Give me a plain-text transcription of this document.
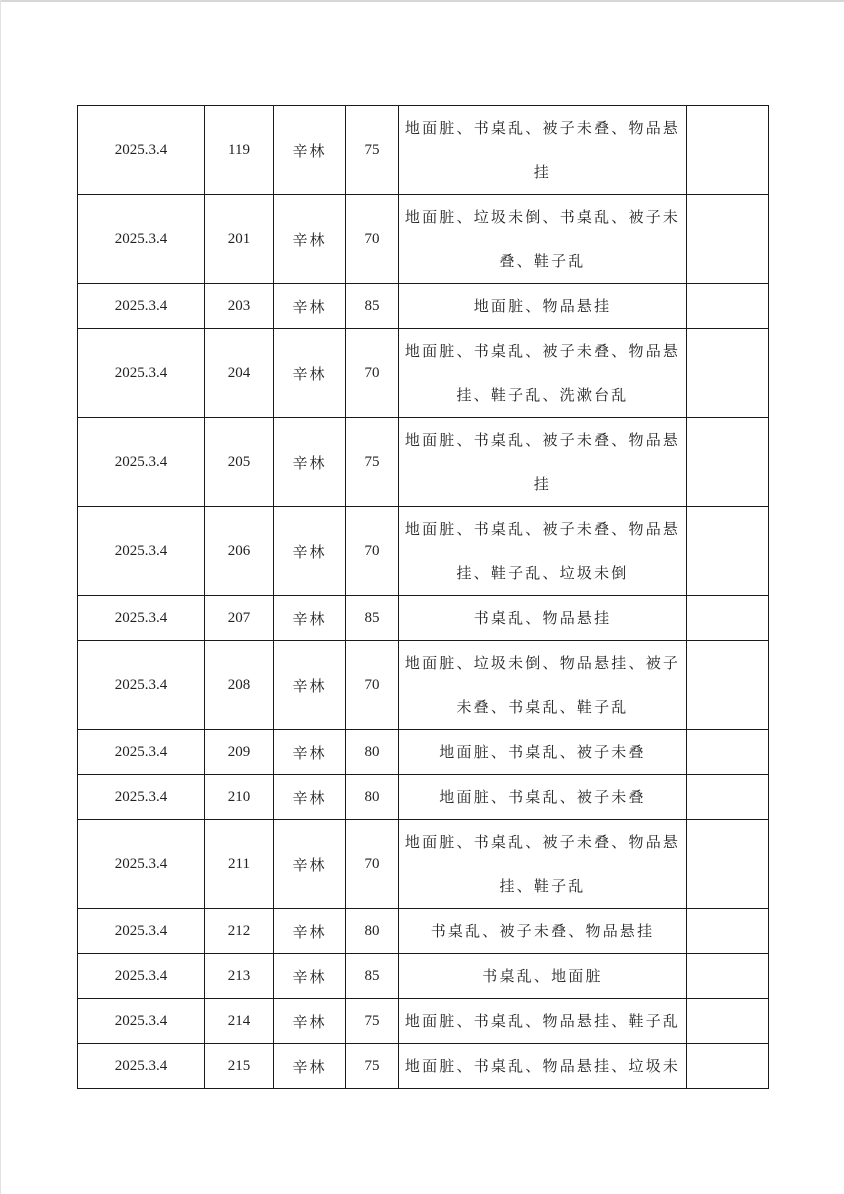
2025.3.4	119	辛林	75	地面脏、书桌乱、被子未叠、物品悬挂	
2025.3.4	201	辛林	70	地面脏、垃圾未倒、书桌乱、被子未叠、鞋子乱	
2025.3.4	203	辛林	85	地面脏、物品悬挂	
2025.3.4	204	辛林	70	地面脏、书桌乱、被子未叠、物品悬挂、鞋子乱、洗漱台乱	
2025.3.4	205	辛林	75	地面脏、书桌乱、被子未叠、物品悬挂	
2025.3.4	206	辛林	70	地面脏、书桌乱、被子未叠、物品悬挂、鞋子乱、垃圾未倒	
2025.3.4	207	辛林	85	书桌乱、物品悬挂	
2025.3.4	208	辛林	70	地面脏、垃圾未倒、物品悬挂、被子未叠、书桌乱、鞋子乱	
2025.3.4	209	辛林	80	地面脏、书桌乱、被子未叠	
2025.3.4	210	辛林	80	地面脏、书桌乱、被子未叠	
2025.3.4	211	辛林	70	地面脏、书桌乱、被子未叠、物品悬挂、鞋子乱	
2025.3.4	212	辛林	80	书桌乱、被子未叠、物品悬挂	
2025.3.4	213	辛林	85	书桌乱、地面脏	
2025.3.4	214	辛林	75	地面脏、书桌乱、物品悬挂、鞋子乱	
2025.3.4	215	辛林	75	地面脏、书桌乱、物品悬挂、垃圾未	
